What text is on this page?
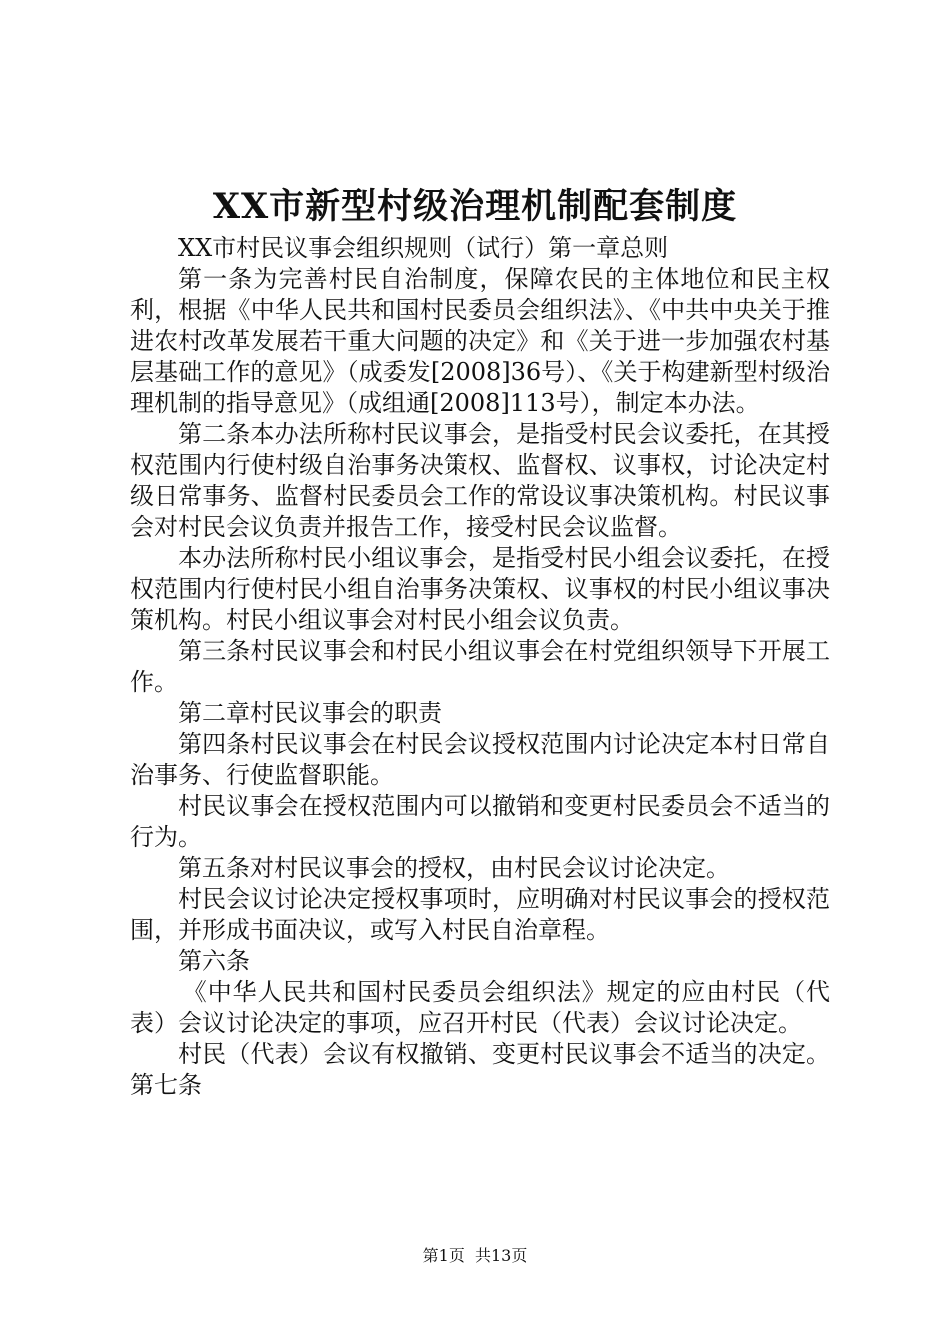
XX市新型村级治理机制配套制度

XX市村民议事会组织规则（试行）第一章总则

第一条为完善村民自治制度，保障农民的主体地位和民主权利，根据《中华人民共和国村民委员会组织法》、《中共中央关于推进农村改革发展若干重大问题的决定》和《关于进一步加强农村基层基础工作的意见》（成委发[2008]36号）、《关于构建新型村级治理机制的指导意见》（成组通[2008]113号），制定本办法。

第二条本办法所称村民议事会，是指受村民会议委托，在其授权范围内行使村级自治事务决策权、监督权、议事权，讨论决定村级日常事务、监督村民委员会工作的常设议事决策机构。村民议事会对村民会议负责并报告工作，接受村民会议监督。

本办法所称村民小组议事会，是指受村民小组会议委托，在授权范围内行使村民小组自治事务决策权、议事权的村民小组议事决策机构。村民小组议事会对村民小组会议负责。

第三条村民议事会和村民小组议事会在村党组织领导下开展工作。

第二章村民议事会的职责

第四条村民议事会在村民会议授权范围内讨论决定本村日常自治事务、行使监督职能。

村民议事会在授权范围内可以撤销和变更村民委员会不适当的行为。

第五条对村民议事会的授权，由村民会议讨论决定。

村民会议讨论决定授权事项时，应明确对村民议事会的授权范围，并形成书面决议，或写入村民自治章程。

第六条

《中华人民共和国村民委员会组织法》规定的应由村民（代表）会议讨论决定的事项，应召开村民（代表）会议讨论决定。

村民（代表）会议有权撤销、变更村民议事会不适当的决定。第七条

第1页  共13页
